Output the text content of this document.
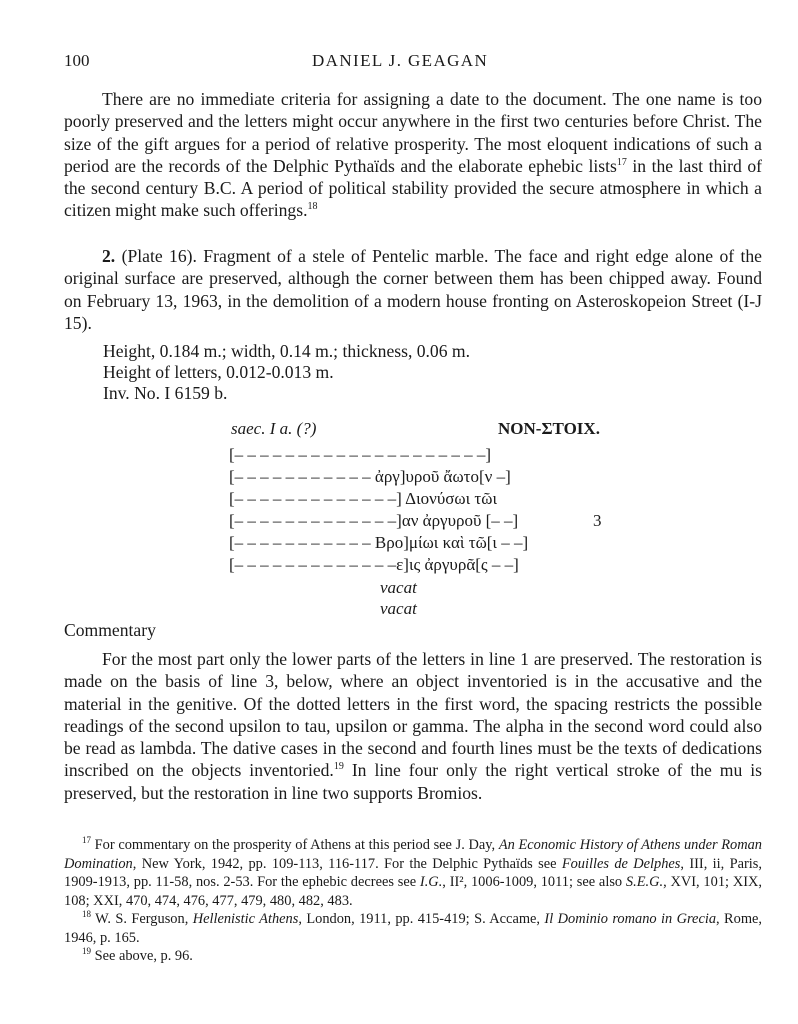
100	DANIEL J. GEAGAN

There are no immediate criteria for assigning a date to the document. The one name is too poorly preserved and the letters might occur anywhere in the first two centuries before Christ. The size of the gift argues for a period of relative prosperity. The most eloquent indications of such a period are the records of the Delphic Pythaïds and the elaborate ephebic lists$^{17}$ in the last third of the second century B.C. A period of political stability provided the secure atmosphere in which a citizen might make such offerings.$^{18}$

2. (Plate 16). Fragment of a stele of Pentelic marble. The face and right edge alone of the original surface are preserved, although the corner between them has been chipped away. Found on February 13, 1963, in the demolition of a modern house fronting on Asteroskopeion Street (I-J 15).

Height, 0.184 m.; width, 0.14 m.; thickness, 0.06 m.
Height of letters, 0.012-0.013 m.
Inv. No. I 6159 b.
saec. I a. (?)	NON-ΣΤΟΙΧ.
[– – – – – – – – – – – – – – – – – – – –]
[– – – – – – – – – – – ἀργ]υροῦ ἄωτο[ν –]
[– – – – – – – – – – – – –] Διονύσωι τῶι
[– – – – – – – – – – – – –]αν ἀργυροῦ [– –]	3
[– – – – – – – – – – – Βρο]μίωι καὶ τῶ[ι – –]
[– – – – – – – – – – – – –ε]ις ἀργυρᾶ[ς – –]
vacat
vacat
Commentary

For the most part only the lower parts of the letters in line 1 are preserved. The restoration is made on the basis of line 3, below, where an object inventoried is in the accusative and the material in the genitive. Of the dotted letters in the first word, the spacing restricts the possible readings of the second upsilon to tau, upsilon or gamma. The alpha in the second word could also be read as lambda. The dative cases in the second and fourth lines must be the texts of dedications inscribed on the objects inventoried.$^{19}$ In line four only the right vertical stroke of the mu is preserved, but the restoration in line two supports Bromios.

$^{17}$ For commentary on the prosperity of Athens at this period see J. Day, An Economic History of Athens under Roman Domination, New York, 1942, pp. 109-113, 116-117. For the Delphic Pythaïds see Fouilles de Delphes, III, ii, Paris, 1909-1913, pp. 11-58, nos. 2-53. For the ephebic decrees see I.G., II², 1006-1009, 1011; see also S.E.G., XVI, 101; XIX, 108; XXI, 470, 474, 476, 477, 479, 480, 482, 483.

$^{18}$ W. S. Ferguson, Hellenistic Athens, London, 1911, pp. 415-419; S. Accame, Il Dominio romano in Grecia, Rome, 1946, p. 165.

$^{19}$ See above, p. 96.
